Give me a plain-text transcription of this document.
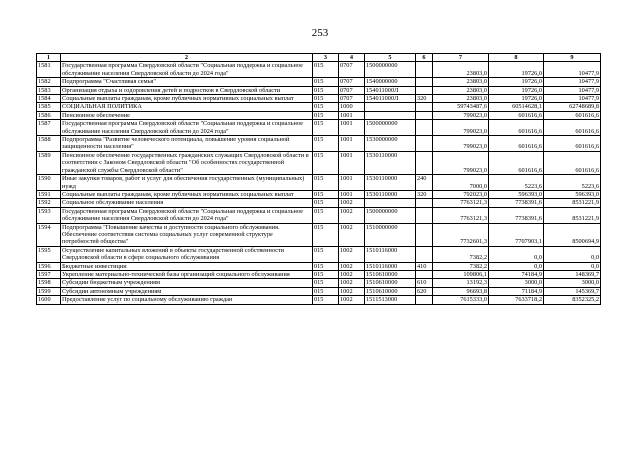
253
1	2	3	4	5	6	7	8	9
1581	Государственная программа Свердловской области "Социальная поддержка и социальное обслуживание населения Свердловской области до 2024 года"	015	0707	1500000000		23803,0	19726,0	10477,9
1582	Подпрограмма "Счастливая семья"	015	0707	1540000000		23803,0	19726,0	10477,9
1583	Организация отдыха и оздоровления детей и подростков в Свердловской области	015	0707	154011000Л		23803,0	19726,0	10477,9
1584	Социальные выплаты гражданам, кроме публичных нормативных социальных выплат	015	0707	154011000Л	320	23803,0	19726,0	10477,9
1585	СОЦИАЛЬНАЯ ПОЛИТИКА	015	1000			59743487,6	60514628,1	62748689,8
1586	Пенсионное обеспечение	015	1001			799023,0	601616,6	601616,6
1587	Государственная программа Свердловской области "Социальная поддержка и социальное обслуживание населения Свердловской области до 2024 года"	015	1001	1500000000		799023,0	601616,6	601616,6
1588	Подпрограмма "Развитие человеческого потенциала, повышение уровня социальной защищенности населения"	015	1001	1530000000		799023,0	601616,6	601616,6
1589	Пенсионное обеспечение государственных гражданских служащих Свердловской области в соответствии с Законом Свердловской области "Об особенностях государственной гражданской службы Свердловской области"	015	1001	1530110000		799023,0	601616,6	601616,6
1590	Иные закупки товаров, работ и услуг для обеспечения государственных (муниципальных) нужд	015	1001	1530110000	240	7000,0	5223,6	5223,6
1591	Социальные выплаты гражданам, кроме публичных нормативных социальных выплат	015	1001	1530110000	320	792023,0	596393,0	596393,0
1592	Социальное обслуживание населения	015	1002			7763121,3	7738391,6	8531221,9
1593	Государственная программа Свердловской области "Социальная поддержка и социальное обслуживание населения Свердловской области до 2024 года"	015	1002	1500000000		7763121,3	7738391,6	8531221,9
1594	Подпрограмма "Повышение качества и доступности социального обслуживания. Обеспечение соответствия системы социальных услуг современной структуре потребностей общества"	015	1002	1510000000		7732601,3	7707903,1	8500694,9
1595	Осуществление капитальных вложений в объекты государственной собственности Свердловской области в сфере социального обслуживания	015	1002	1510116000		7382,2	0,0	0,0
1596	Бюджетные инвестиции	015	1002	1510116000	410	7382,2	0,0	0,0
1597	Укрепление материально-технической базы организаций социального обслуживания	015	1002	1510610000		109806,1	74184,9	148369,7
1598	Субсидии бюджетным учреждениям	015	1002	1510610000	610	13192,3	3000,0	3000,0
1599	Субсидии автономным учреждениям	015	1002	1510610000	620	96693,8	71184,9	145369,7
1600	Предоставление услуг по социальному обслуживанию граждан	015	1002	1511513000		7615333,0	7633718,2	8352325,2
